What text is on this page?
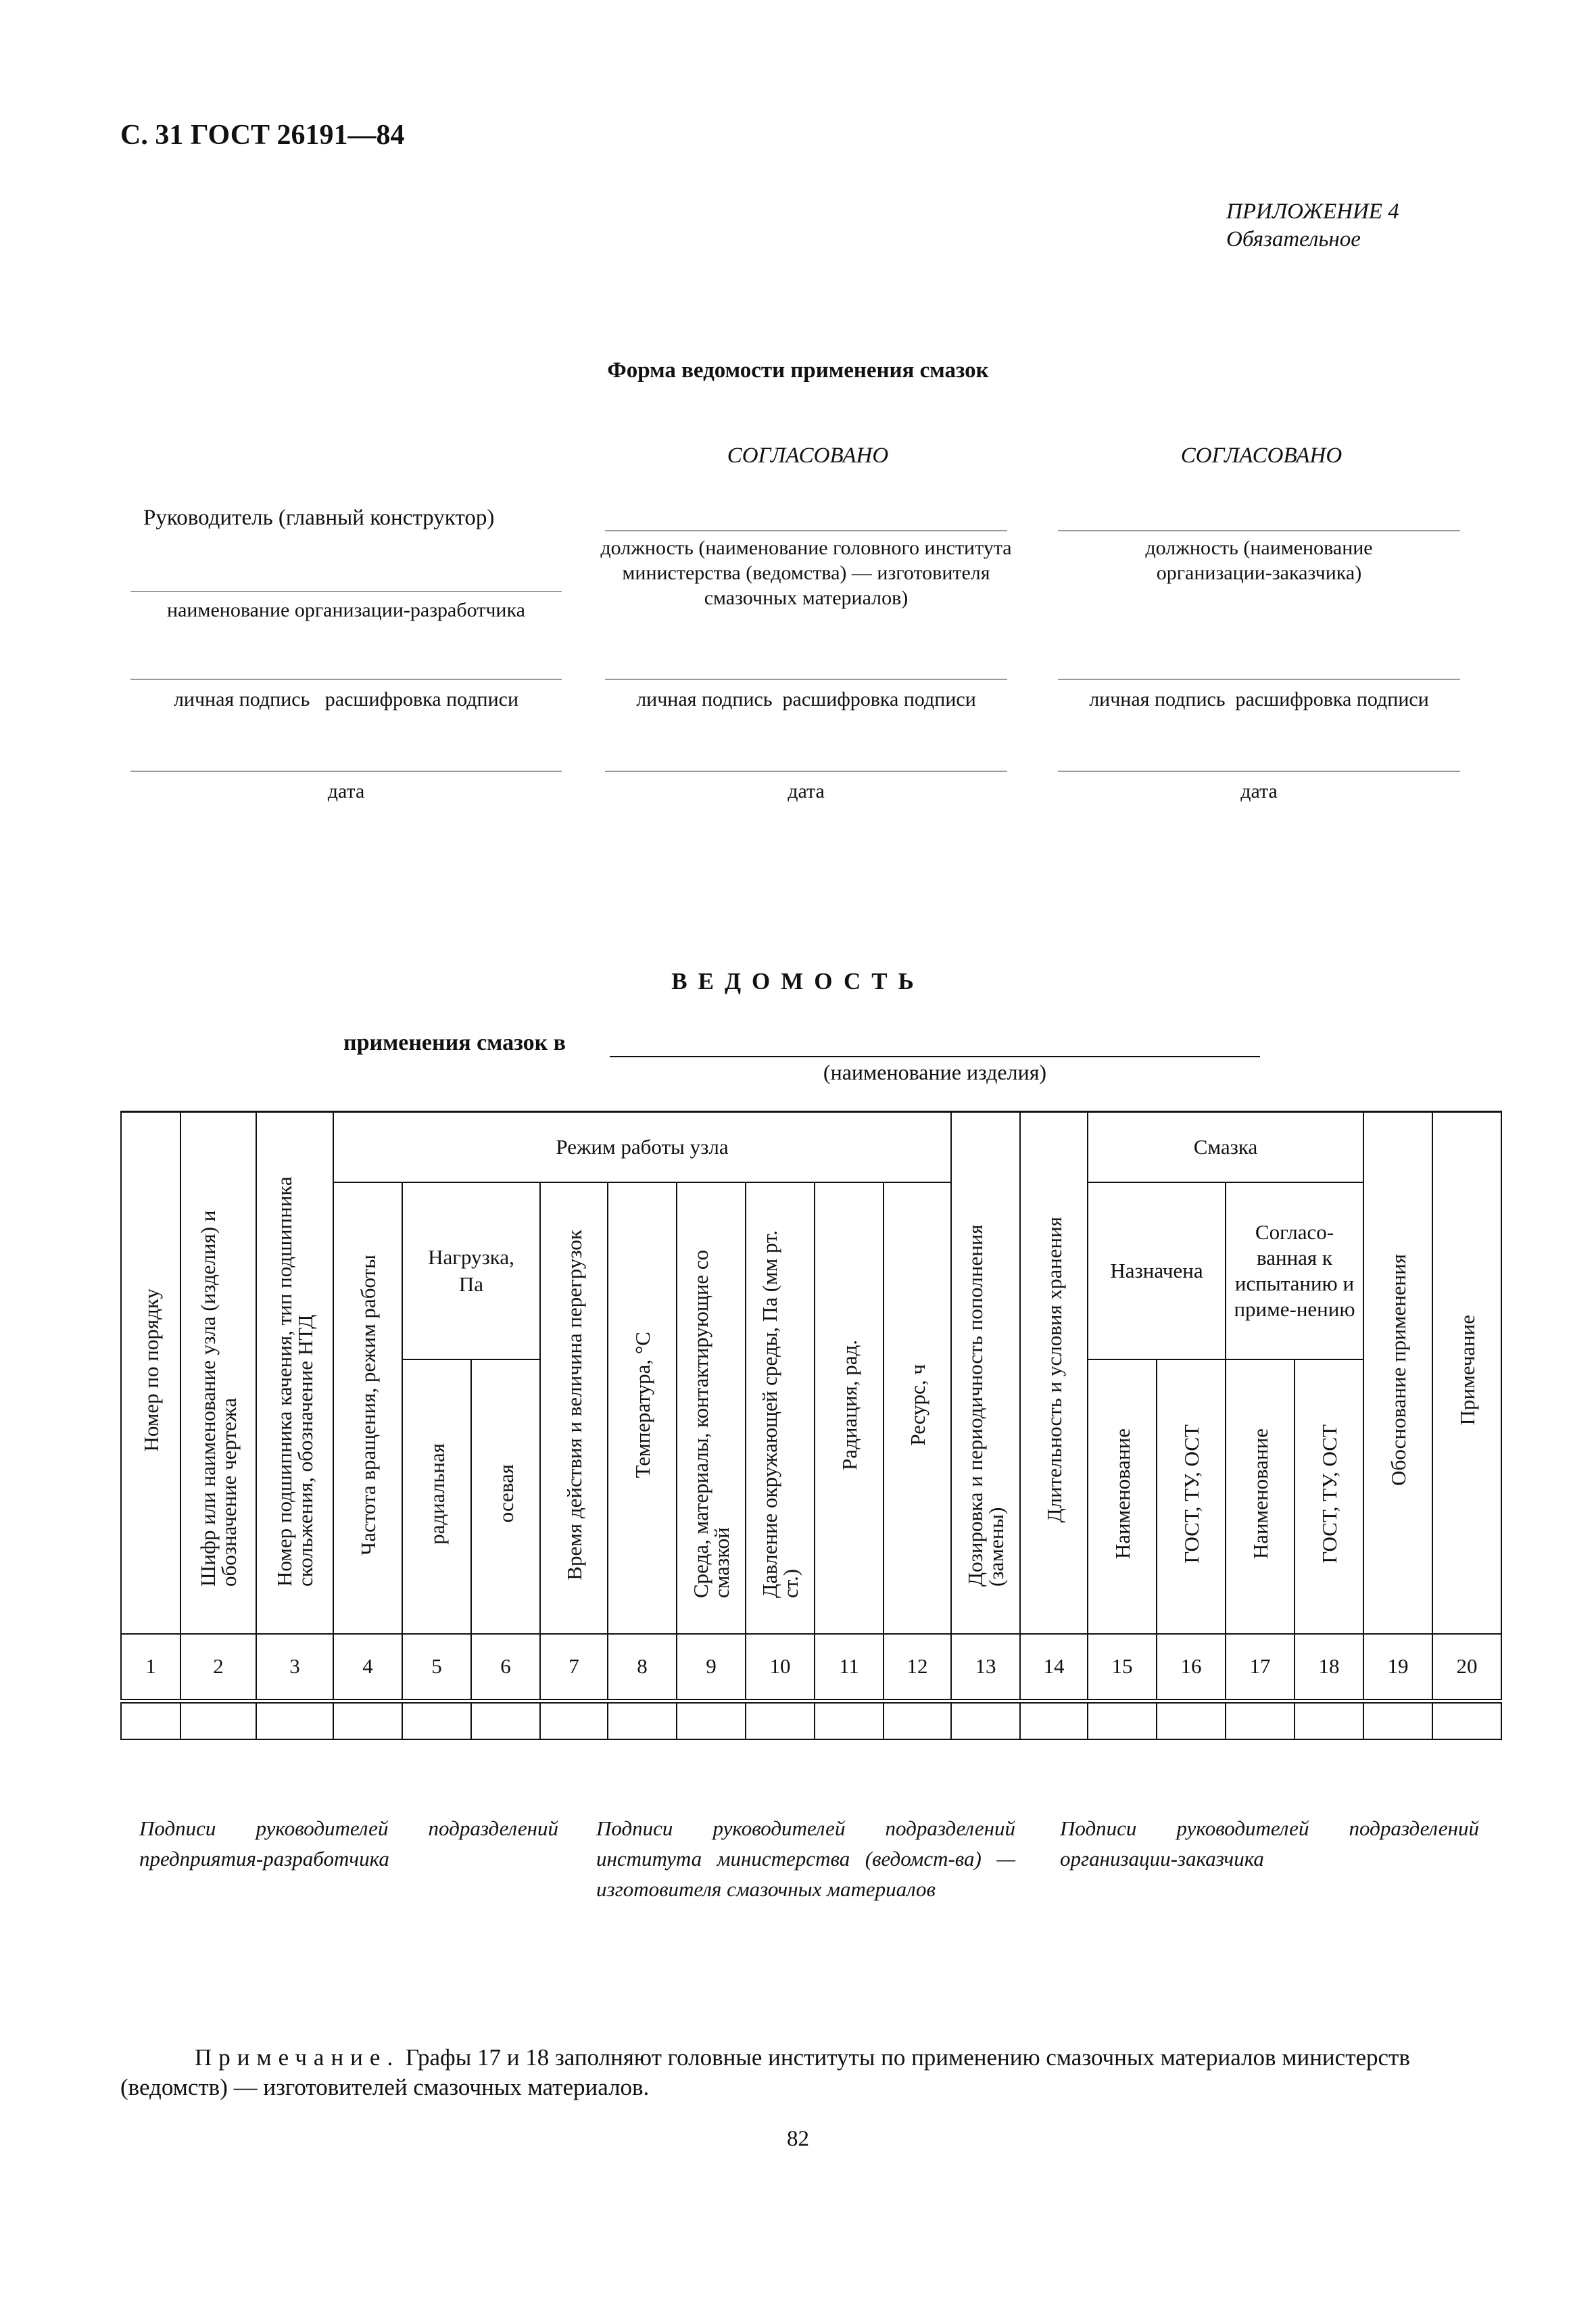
С. 31 ГОСТ 26191—84
ПРИЛОЖЕНИЕ 4
Обязательное
Форма ведомости применения смазок
Руководитель (главный конструктор)
наименование организации-разработчика
личная подпись   расшифровка подписи
дата
СОГЛАСОВАНО
должность (наименование головного института министерства (ведомства) — изготовителя смазочных материалов)
личная подпись  расшифровка подписи
дата
СОГЛАСОВАНО
должность (наименование организации-заказчика)
личная подпись  расшифровка подписи
дата
ВЕДОМОСТЬ
применения смазок в
(наименование изделия)
Номер по порядку	Шифр или наименование узла (изделия) и обозначение чертежа	Номер подшипника качения, тип подшипника скольжения, обозначение НТД	Режим работы узла									Дозировка и периодичность пополнения (замены)	Длительность и условия хранения	Смазка				Обоснование применения	Примечание
			Частота вращения, режим работы	Нагрузка, Па		Время действия и величина перегрузок	Температура, °С	Среда, материалы, контактирующие со смазкой	Давление окружающей среды, Па (мм рт. ст.)	Радиация, рад.	Ресурс, ч			Назначена		Согласо-ванная к испытанию и приме-нению			
				радиальная	осевая									Наименование	ГОСТ, ТУ, ОСТ	Наименование	ГОСТ, ТУ, ОСТ		
1	2	3	4	5	6	7	8	9	10	11	12	13	14	15	16	17	18	19	20

Подписи руководителей подразделений предприятия-разработчика
Подписи руководителей подразделений института министерства (ведомст-ва) — изготовителя смазочных материалов
Подписи руководителей подразделений организации-заказчика
Примечание. Графы 17 и 18 заполняют головные институты по применению смазочных материалов министерств (ведомств) — изготовителей смазочных материалов.
82
